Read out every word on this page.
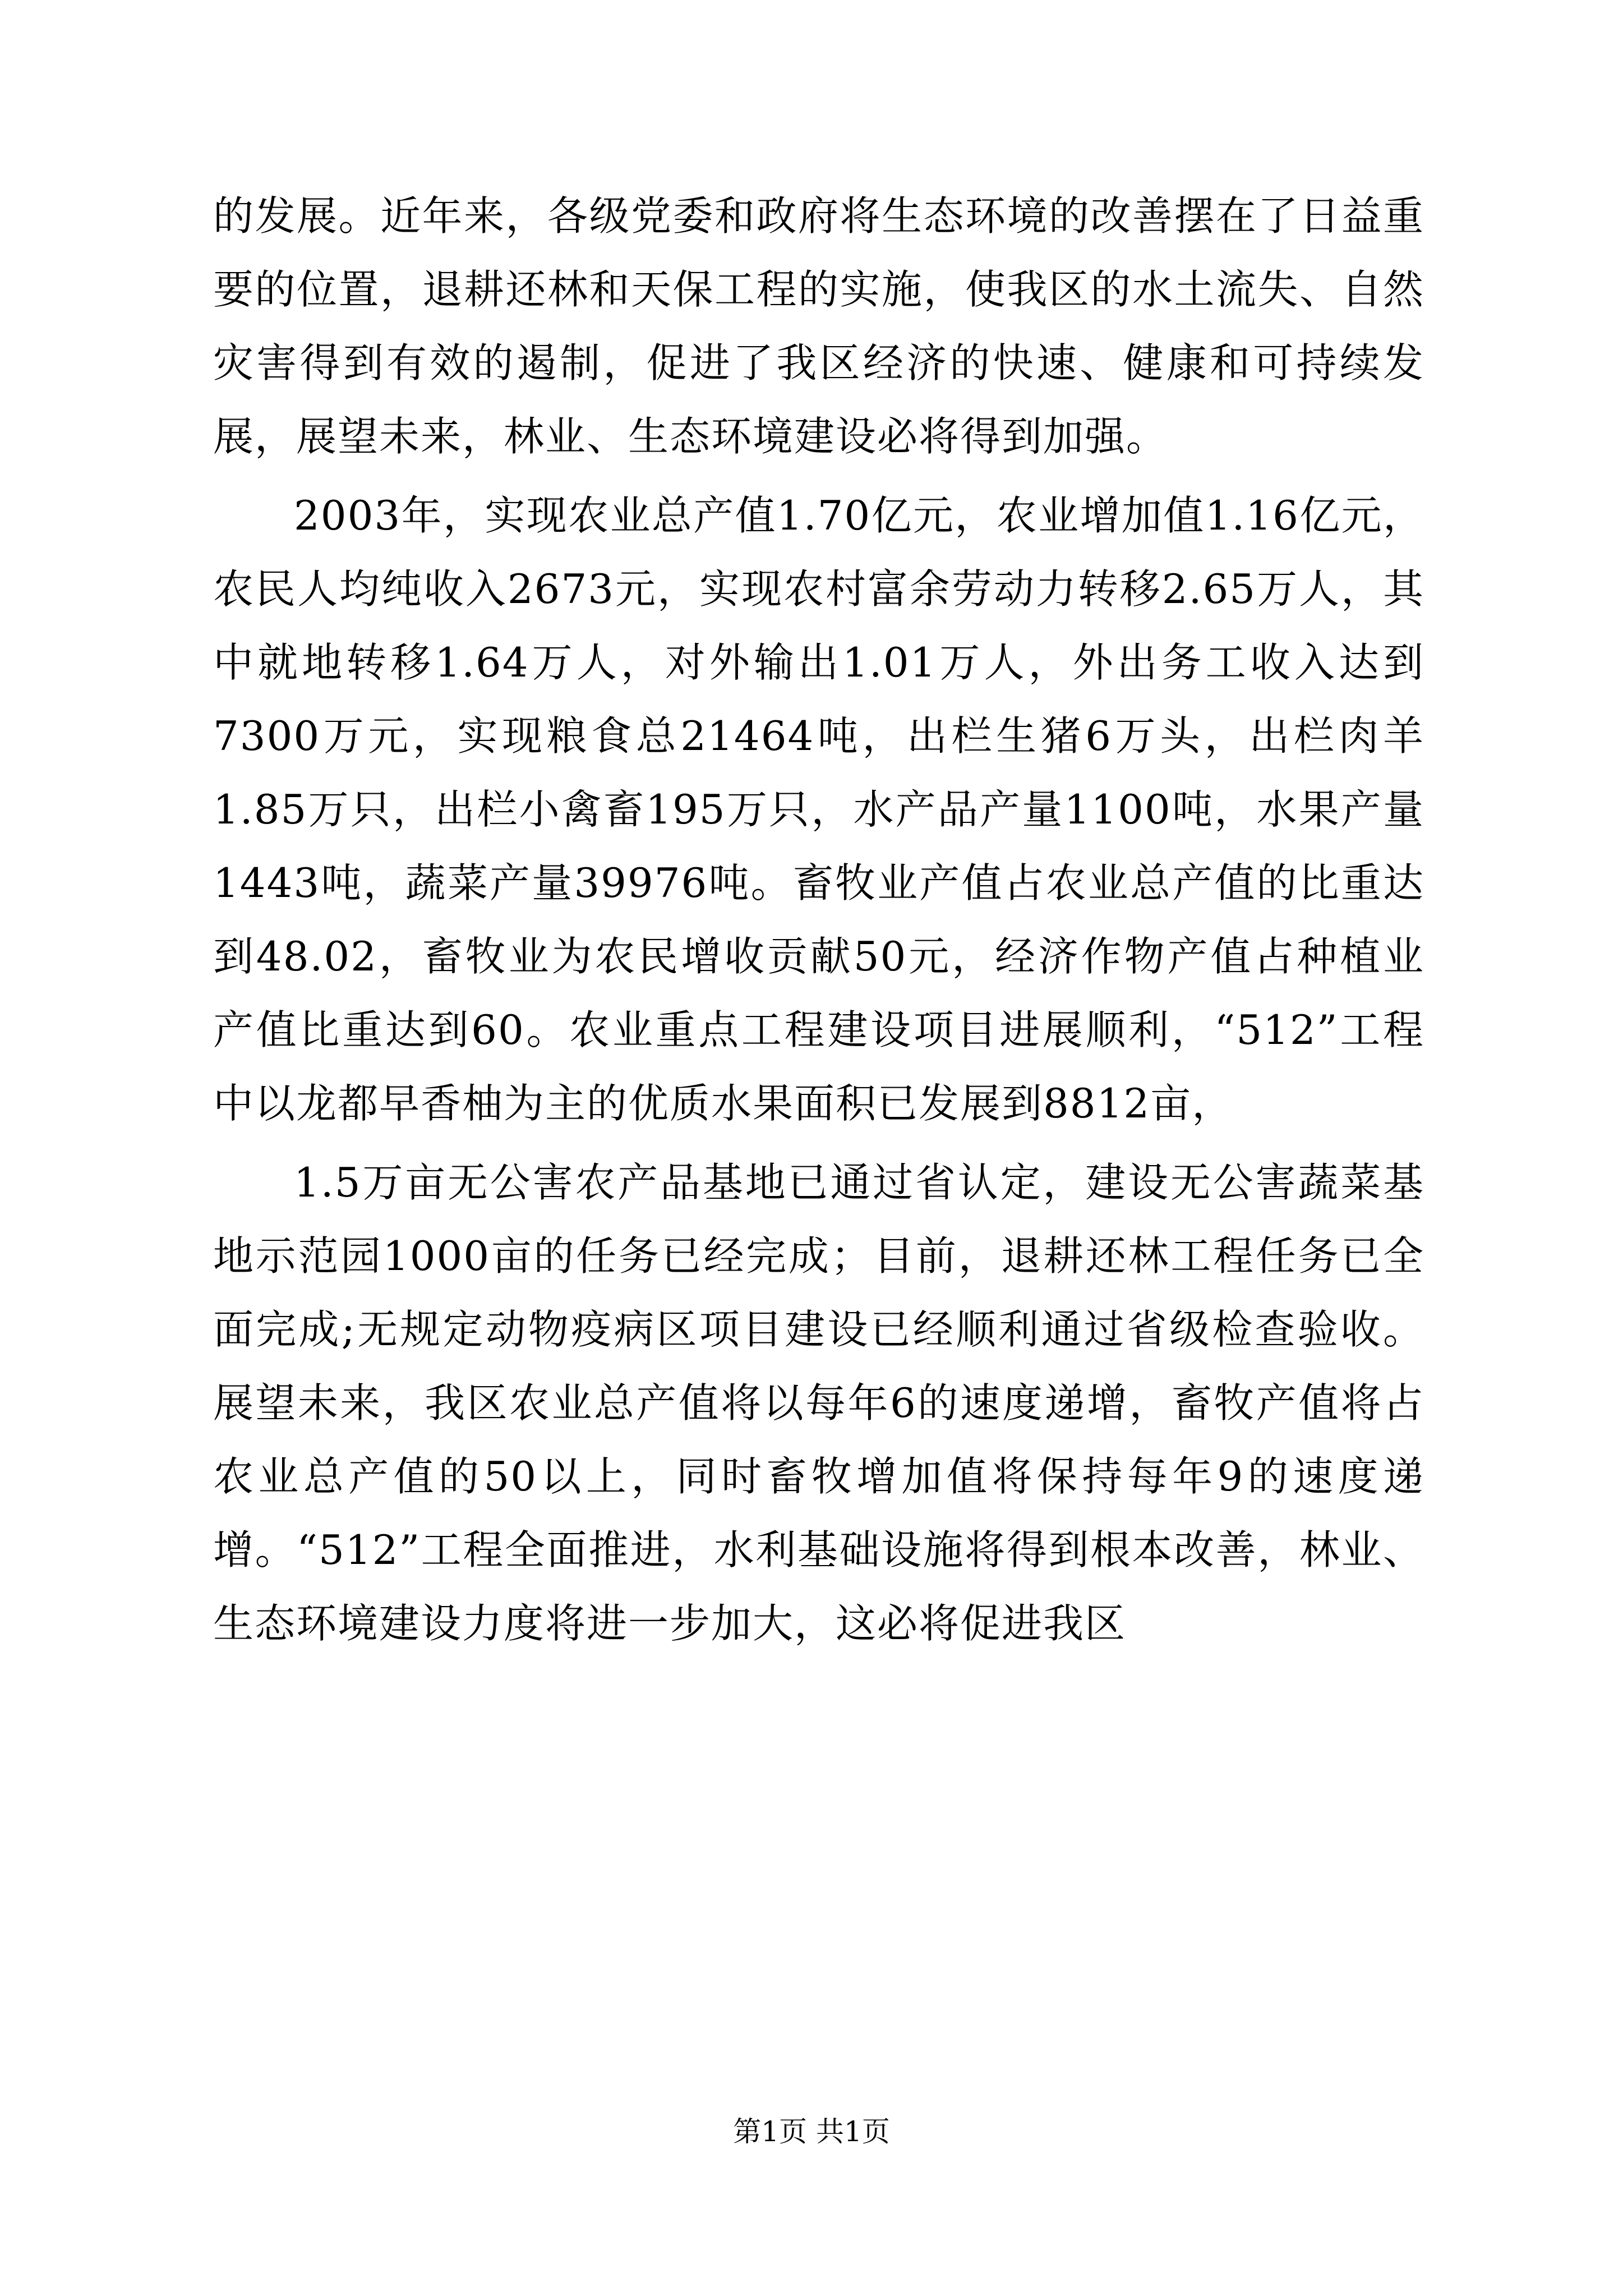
的发展。近年来，各级党委和政府将生态环境的改善摆在了日益重要的位置，退耕还林和天保工程的实施，使我区的水土流失、自然灾害得到有效的遏制，促进了我区经济的快速、健康和可持续发展，展望未来，林业、生态环境建设必将得到加强。

2003年，实现农业总产值1.70亿元，农业增加值1.16亿元，农民人均纯收入2673元，实现农村富余劳动力转移2.65万人，其中就地转移1.64万人，对外输出1.01万人，外出务工收入达到7300万元，实现粮食总21464吨，出栏生猪6万头，出栏肉羊1.85万只，出栏小禽畜195万只，水产品产量1100吨，水果产量1443吨，蔬菜产量39976吨。畜牧业产值占农业总产值的比重达到48.02，畜牧业为农民增收贡献50元，经济作物产值占种植业产值比重达到60。农业重点工程建设项目进展顺利，“512”工程中以龙都早香柚为主的优质水果面积已发展到8812亩，

1.5万亩无公害农产品基地已通过省认定，建设无公害蔬菜基地示范园1000亩的任务已经完成；目前，退耕还林工程任务已全面完成;无规定动物疫病区项目建设已经顺利通过省级检查验收。展望未来，我区农业总产值将以每年6的速度递增，畜牧产值将占农业总产值的50以上，同时畜牧增加值将保持每年9的速度递增。“512”工程全面推进，水利基础设施将得到根本改善，林业、生态环境建设力度将进一步加大，这必将促进我区

第1页 共1页
